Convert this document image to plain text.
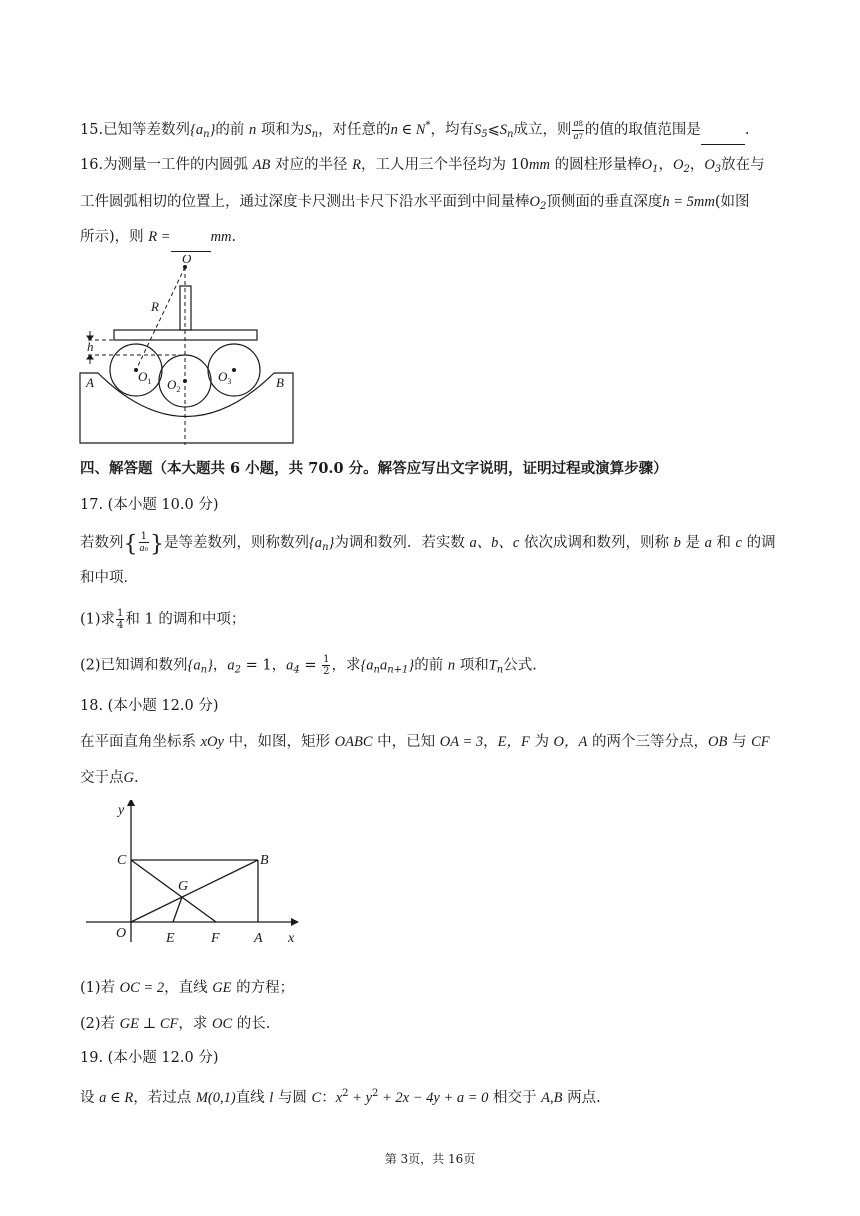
15.已知等差数列$\{a_n\}$的前 n 项和为$S_n$，对任意的n ∈ N*，均有$S_5⩽S_n$成立，则 $\frac{a8}{a7}$ 的值的取值范围是	.
16.为测量一工件的内圆弧 AB 对应的半径 R，工人用三个半径均为 10mm 的圆柱形量棒$O_1$，$O_2$，$O_3$放在与
工件圆弧相切的位置上，通过深度卡尺测出卡尺下沿水平面到中间量棒$O_2$顶侧面的垂直深度h = 5mm(如图
所示)，则 R =	mm.
O
R
h
A	B
$O_1$ $O_2$
$O_3$
四、解答题（本大题共 6 小题，共 70.0 分。解答应写出文字说明，证明过程或演算步骤）
17. (本小题 10.0 分)
若数列{ $\frac{1}{an}$ }是等差数列，则称数列$\{a_n\}$为调和数列．若实数 a、b、c 依次成调和数列，则称 b 是 a 和 c 的调
和中项．
(1)求 $\frac{1}{4}$ 和 1 的调和中项；
(2)已知调和数列$\{a_n\}$，$a_2 = 1$，$a_4 = \frac{1}{2}$ ，求$\{a_na_{n+1}\}$的前 n 项和$T_n$公式.
18. (本小题 12.0 分)
在平面直角坐标系 xOy 中，如图，矩形 OABC 中，已知 OA = 3，E，F 为 O，A 的两个三等分点，OB 与 CF
交于点G.
y
x
C	B
G
O	E	F A
(1)若 OC = 2，直线 GE 的方程；
(2)若 GE ⊥ CF，求 OC 的长.
19. (本小题 12.0 分)
设 a ∈ R，若过点 M(0,1)直线 l 与圆 C：$x^2 + y^2 + 2x - 4y + a = 0$ 相交于 A,B 两点.
第 3页，共 16页
